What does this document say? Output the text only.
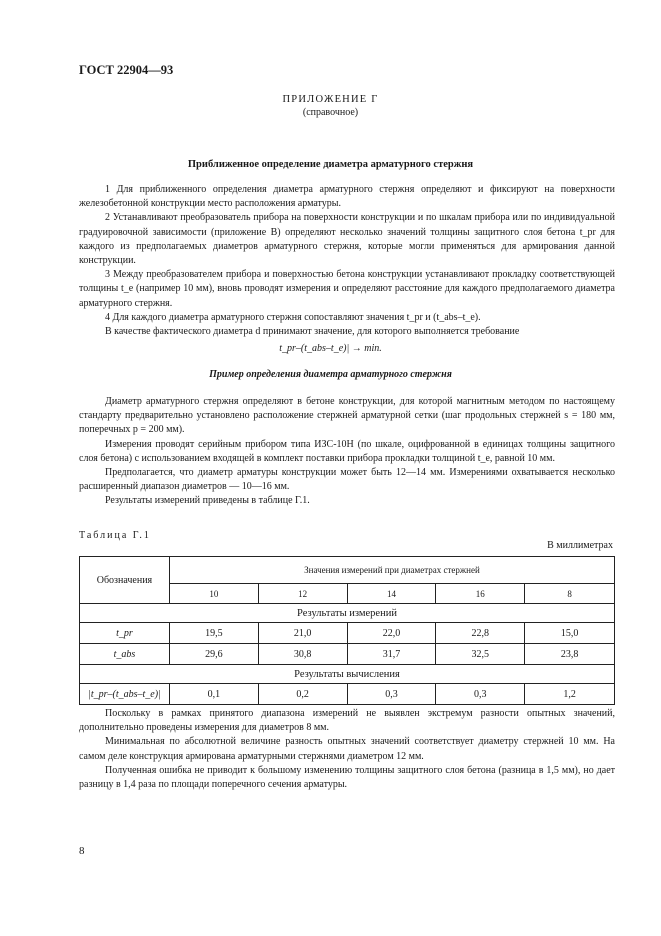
ГОСТ 22904—93
ПРИЛОЖЕНИЕ Г
(справочное)
Приближенное определение диаметра арматурного стержня

1 Для приближенного определения диаметра арматурного стержня определяют и фиксируют на поверхности железобетонной конструкции место расположения арматуры.

2 Устанавливают преобразователь прибора на поверхности конструкции и по шкалам прибора или по индивидуальной градуировочной зависимости (приложение В) определяют несколько значений толщины защитного слоя бетона t_pr для каждого из предполагаемых диаметров арматурного стержня, которые могли применяться для армирования данной конструкции.

3 Между преобразователем прибора и поверхностью бетона конструкции устанавливают прокладку соответствующей толщины t_e (например 10 мм), вновь проводят измерения и определяют расстояние для каждого предполагаемого диаметра арматурного стержня.

4 Для каждого диаметра арматурного стержня сопоставляют значения t_pr и (t_abs–t_e).

В качестве фактического диаметра d принимают значение, для которого выполняется требование

t_pr–(t_abs–t_e)| → min.
Пример определения диаметра арматурного стержня

Диаметр арматурного стержня определяют в бетоне конструкции, для которой магнитным методом по настоящему стандарту предварительно установлено расположение стержней арматурной сетки (шаг продольных стержней s = 180 мм, поперечных p = 200 мм).

Измерения проводят серийным прибором типа ИЗС-10Н (по шкале, оцифрованной в единицах толщины защитного слоя бетона) с использованием входящей в комплект поставки прибора прокладки толщиной t_e, равной 10 мм.

Предполагается, что диаметр арматуры конструкции может быть 12—14 мм. Измерениями охватывается несколько расширенный диапазон диаметров — 10—16 мм.

Результаты измерений приведены в таблице Г.1.

Таблица Г.1
В миллиметрах
Обозначения	Значения измерений при диаметрах стержней				
	10	12	14	16	8
Результаты измерений					
t_pr	19,5	21,0	22,0	22,8	15,0
t_abs	29,6	30,8	31,7	32,5	23,8
Результаты вычисления					
|t_pr–(t_abs–t_e)|	0,1	0,2	0,3	0,3	1,2

Поскольку в рамках принятого диапазона измерений не выявлен экстремум разности опытных значений, дополнительно проведены измерения для диаметров 8 мм.

Минимальная по абсолютной величине разность опытных значений соответствует диаметру стержней 10 мм. На самом деле конструкция армирована арматурными стержнями диаметром 12 мм.

Полученная ошибка не приводит к большому изменению толщины защитного слоя бетона (разница в 1,5 мм), но дает разницу в 1,4 раза по площади поперечного сечения арматуры.

8
